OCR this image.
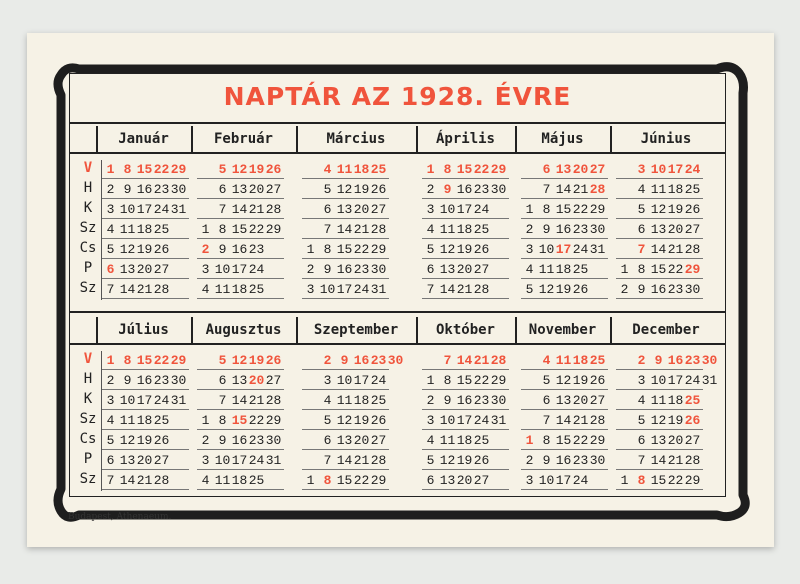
NAPTÁR AZ 1928. ÉVRE
V
H
K
Sz
Cs
P
Sz
Január
1
2
3
4
5
6
7
8
9
10
11
12
13
14
15
16
17
18
19
20
21
22
23
24
25
26
27
28
29
30
31
Február
1
2
3
4
5
6
7
8
9
10
11
12
13
14
15
16
17
18
19
20
21
22
23
24
25
26
27
28
29
Március
1
2
3
4
5
6
7
8
9
10
11
12
13
14
15
16
17
18
19
20
21
22
23
24
25
26
27
28
29
30
31
Április
1
2
3
4
5
6
7
8
9
10
11
12
13
14
15
16
17
18
19
20
21
22
23
24
25
26
27
28
29
30
Május
1
2
3
4
5
6
7
8
9
10
11
12
13
14
15
16
17
18
19
20
21
22
23
24
25
26
27
28
29
30
31
Június
1
2
3
4
5
6
7
8
9
10
11
12
13
14
15
16
17
18
19
20
21
22
23
24
25
26
27
28
29
30
V
H
K
Sz
Cs
P
Sz
Július
1
2
3
4
5
6
7
8
9
10
11
12
13
14
15
16
17
18
19
20
21
22
23
24
25
26
27
28
29
30
31
Augusztus
1
2
3
4
5
6
7
8
9
10
11
12
13
14
15
16
17
18
19
20
21
22
23
24
25
26
27
28
29
30
31
Szeptember
1
2
3
4
5
6
7
8
9
10
11
12
13
14
15
16
17
18
19
20
21
22
23
24
25
26
27
28
29
30
Október
1
2
3
4
5
6
7
8
9
10
11
12
13
14
15
16
17
18
19
20
21
22
23
24
25
26
27
28
29
30
31
November
1
2
3
4
5
6
7
8
9
10
11
12
13
14
15
16
17
18
19
20
21
22
23
24
25
26
27
28
29
30
December
1
2
3
4
5
6
7
8
9
10
11
12
13
14
15
16
17
18
19
20
21
22
23
24
25
26
27
28
29
30
31
Budapest, Athenaeum.
